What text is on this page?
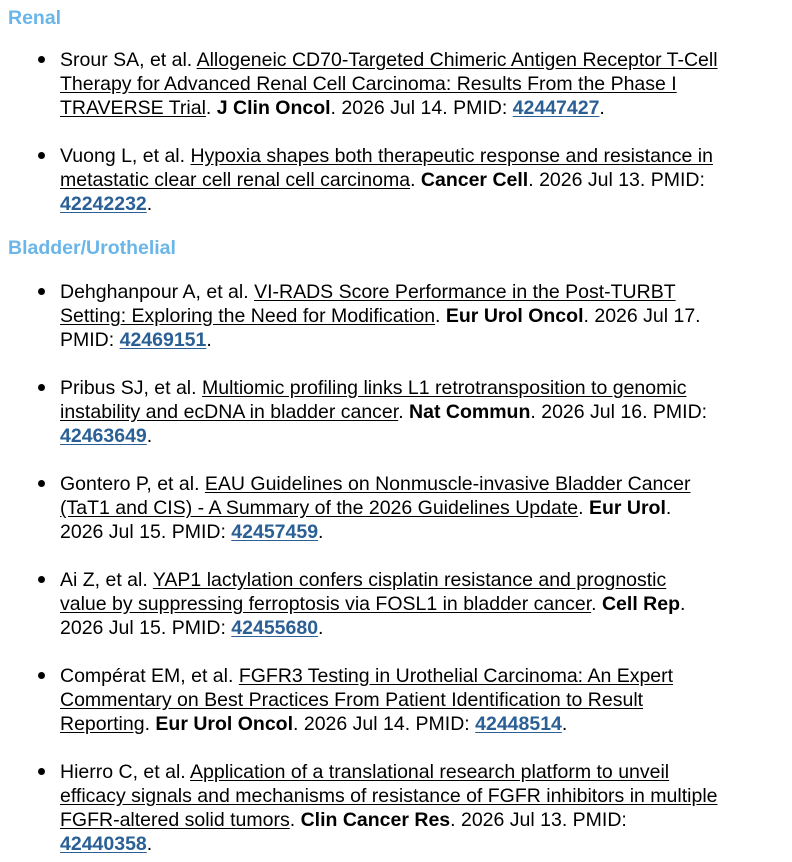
Renal
Srour SA, et al. Allogeneic CD70-Targeted Chimeric Antigen Receptor T-Cell
Therapy for Advanced Renal Cell Carcinoma: Results From the Phase I
TRAVERSE Trial. J Clin Oncol. 2026 Jul 14. PMID: 42447427.
Vuong L, et al. Hypoxia shapes both therapeutic response and resistance in
metastatic clear cell renal cell carcinoma. Cancer Cell. 2026 Jul 13. PMID:
42242232.
Bladder/Urothelial
Dehghanpour A, et al. VI-RADS Score Performance in the Post-TURBT
Setting: Exploring the Need for Modification. Eur Urol Oncol. 2026 Jul 17.
PMID: 42469151.
Pribus SJ, et al. Multiomic profiling links L1 retrotransposition to genomic
instability and ecDNA in bladder cancer. Nat Commun. 2026 Jul 16. PMID:
42463649.
Gontero P, et al. EAU Guidelines on Nonmuscle-invasive Bladder Cancer
(TaT1 and CIS) - A Summary of the 2026 Guidelines Update. Eur Urol.
2026 Jul 15. PMID: 42457459.
Ai Z, et al. YAP1 lactylation confers cisplatin resistance and prognostic
value by suppressing ferroptosis via FOSL1 in bladder cancer. Cell Rep.
2026 Jul 15. PMID: 42455680.
Compérat EM, et al. FGFR3 Testing in Urothelial Carcinoma: An Expert
Commentary on Best Practices From Patient Identification to Result
Reporting. Eur Urol Oncol. 2026 Jul 14. PMID: 42448514.
Hierro C, et al. Application of a translational research platform to unveil
efficacy signals and mechanisms of resistance of FGFR inhibitors in multiple
FGFR-altered solid tumors. Clin Cancer Res. 2026 Jul 13. PMID:
42440358.
